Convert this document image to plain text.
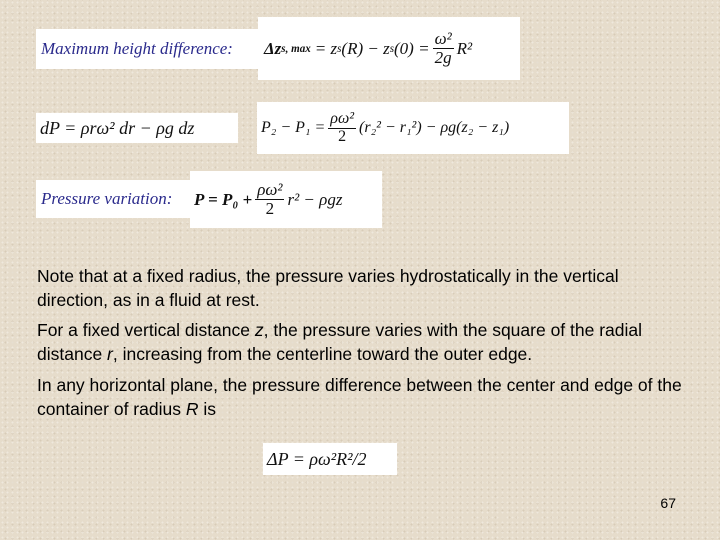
Maximum height difference: Δz s, max = z s (R) − z s $(0) = \frac{\text{ω²}}{2g} R^2$
dP = ρrω² dr − ρg dz	$P_2 - P_1 = \frac{\text{ρω²}}{2} (r_2^2 - r_1^2) - \rho g(z_2 - z_1)$
Pressure variation: $P = P_0 + \frac{\text{ρω²}}{2} r^2 - \rho gz$
Note that at a fixed radius, the pressure varies hydrostatically in the vertical direction, as in a fluid at rest.
For a fixed vertical distance z, the pressure varies with the square of the radial distance r, increasing from the centerline toward the outer edge.
In any horizontal plane, the pressure difference between the center and edge of the container of radius R is
ΔP = ρω²R²/2
67
